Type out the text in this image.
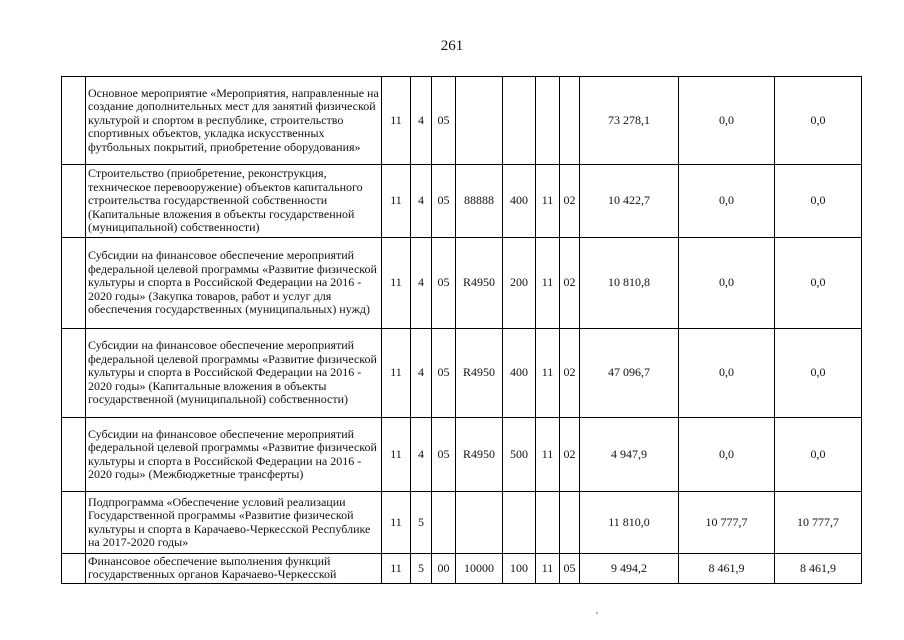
261
	Основное мероприятие «Мероприятия, направленные на создание дополнительных мест для занятий физической культурой и спортом в республике, строительство спортивных объектов, укладка искусственных футбольных покрытий, приобретение оборудования»	11	4	05					73 278,1	0,0	0,0
	Строительство (приобретение, реконструкция, техническое перевооружение) объектов капитального строительства государственной собственности (Капитальные вложения в объекты государственной (муниципальной) собственности)	11	4	05	88888	400	11	02	10 422,7	0,0	0,0
	Субсидии на финансовое обеспечение мероприятий федеральной целевой программы «Развитие физической культуры и спорта в Российской Федерации на 2016 - 2020 годы» (Закупка товаров, работ и услуг для обеспечения государственных (муниципальных) нужд)	11	4	05	R4950	200	11	02	10 810,8	0,0	0,0
	Субсидии на финансовое обеспечение мероприятий федеральной целевой программы «Развитие физической культуры и спорта в Российской Федерации на 2016 - 2020 годы» (Капитальные вложения в объекты государственной (муниципальной) собственности)	11	4	05	R4950	400	11	02	47 096,7	0,0	0,0
	Субсидии на финансовое обеспечение мероприятий федеральной целевой программы «Развитие физической культуры и спорта в Российской Федерации на 2016 - 2020 годы» (Межбюджетные трансферты)	11	4	05	R4950	500	11	02	4 947,9	0,0	0,0
	Подпрограмма «Обеспечение условий реализации Государственной программы «Развитие физической культуры и спорта в Карачаево-Черкесской Республике на 2017-2020 годы»	11	5						11 810,0	10 777,7	10 777,7
	Финансовое обеспечение выполнения функций государственных органов Карачаево-Черкесской	11	5	00	10000	100	11	05	9 494,2	8 461,9	8 461,9
